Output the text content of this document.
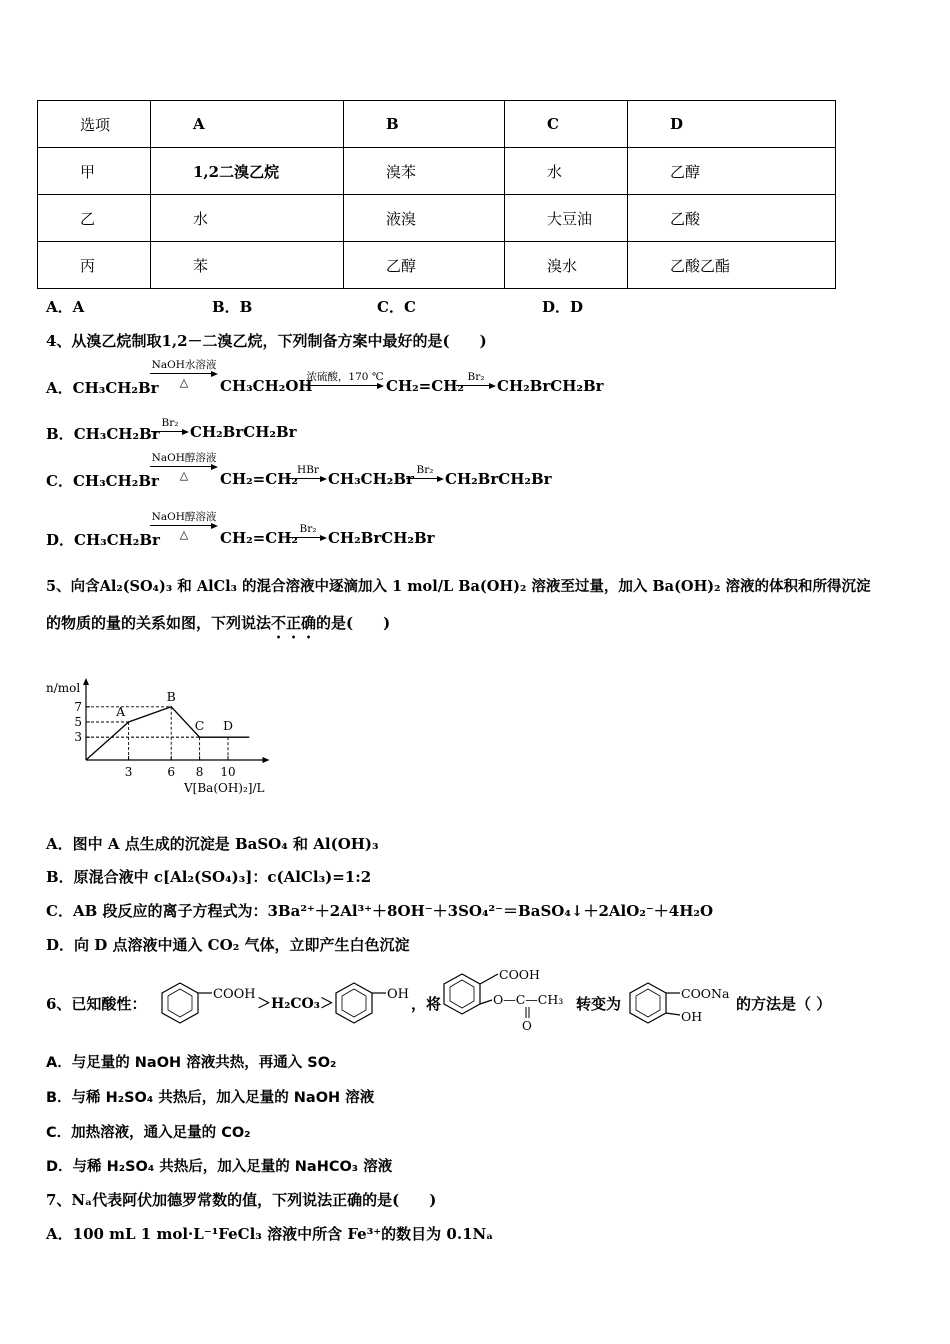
选项	A	B	C	D
甲	1,2二溴乙烷	溴苯	水	乙醇
乙	水	液溴	大豆油	乙酸
丙	苯	乙醇	溴水	乙酸乙酯
A．A	B．B	C．C	D．D
4、从溴乙烷制取1,2－二溴乙烷，下列制备方案中最好的是( )
A．CH₃CH₂Br
NaOH水溶液
△	CH₃CH₂OH
浓硫酸，170 ℃ CH₂=CH₂ Br₂ CH₂BrCH₂Br
B．CH₃CH₂Br
Br₂ CH₂BrCH₂Br
C．CH₃CH₂Br
NaOH醇溶液
△	CH₂=CH₂ HBr CH₃CH₂Br Br₂ CH₂BrCH₂Br
D．CH₃CH₂Br
NaOH醇溶液
△	CH₂=CH₂ Br₂ CH₂BrCH₂Br
5、向含Al₂(SO₄)₃ 和 AlCl₃ 的混合溶液中逐滴加入 1 mol/L Ba(OH)₂ 溶液至过量，加入 Ba(OH)₂ 溶液的体积和所得沉淀
的物质的量的关系如图，下列说法不正确的是( )
n/mol
V[Ba(OH)₂]/L
3
5
7
3	6 8 10
A
B
C D
A．图中 A 点生成的沉淀是 BaSO₄ 和 Al(OH)₃
B．原混合液中 c[Al₂(SO₄)₃]：c(AlCl₃)=1:2
C．AB 段反应的离子方程式为：3Ba²⁺＋2Al³⁺＋8OH⁻＋3SO₄²⁻＝BaSO₄↓＋2AlO₂⁻＋4H₂O
D．向 D 点溶液中通入 CO₂ 气体，立即产生白色沉淀
6、已知酸性：
COOH
＞H₂CO₃＞
OH
，将
COOH
O—C—CH₃
O
转变为
COONa
OH
的方法是（ ）
A．与足量的 NaOH 溶液共热，再通入 SO₂
B．与稀 H₂SO₄ 共热后，加入足量的 NaOH 溶液
C．加热溶液，通入足量的 CO₂
D．与稀 H₂SO₄ 共热后，加入足量的 NaHCO₃ 溶液
7、Nₐ代表阿伏加德罗常数的值，下列说法正确的是( )
A．100 mL 1 mol·L⁻¹FeCl₃ 溶液中所含 Fe³⁺的数目为 0.1Nₐ
